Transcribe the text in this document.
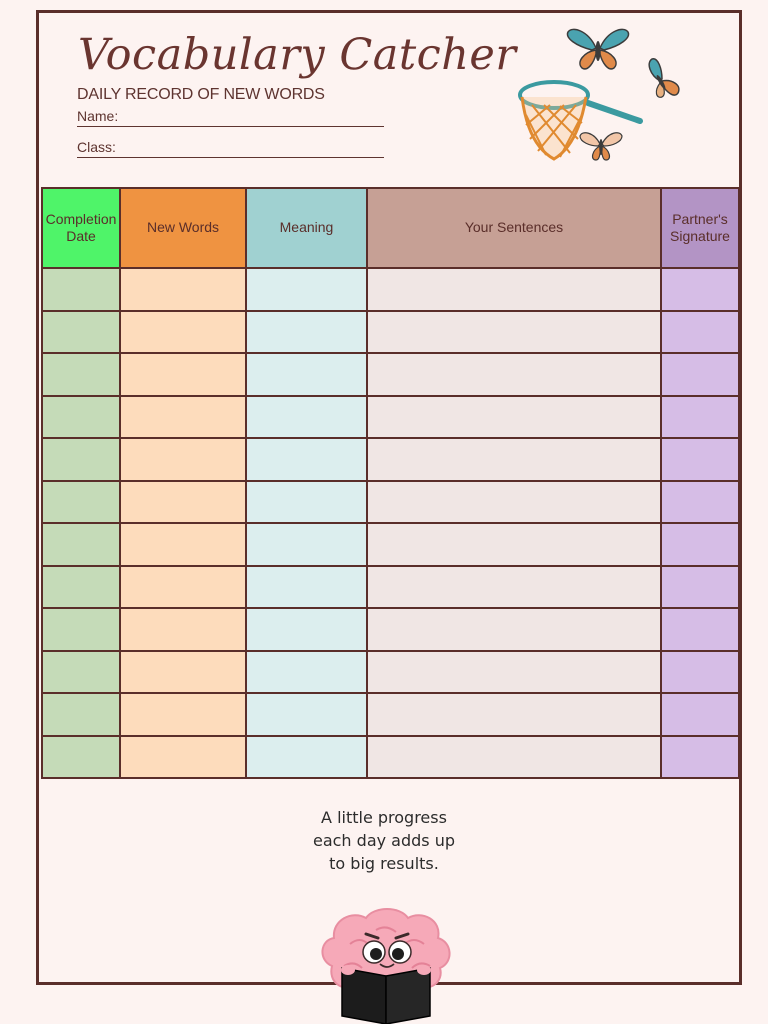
Vocabulary Catcher
DAILY RECORD OF NEW WORDS
Name:
Class:
Completion Date	New Words	Meaning	Your Sentences	Partner's Signature

A little progress
each day adds up
to big results.
